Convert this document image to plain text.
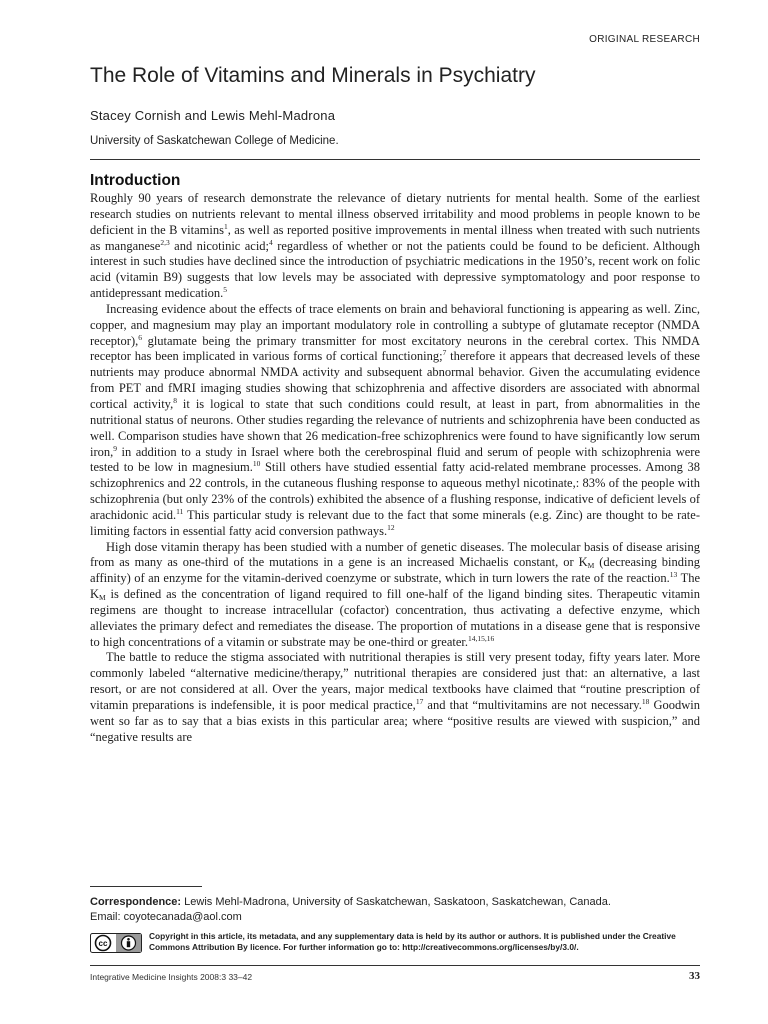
ORIGINAL RESEARCH
The Role of Vitamins and Minerals in Psychiatry
Stacey Cornish and Lewis Mehl-Madrona
University of Saskatchewan College of Medicine.
Introduction

Roughly 90 years of research demonstrate the relevance of dietary nutrients for mental health. Some of the earliest research studies on nutrients relevant to mental illness observed irritability and mood problems in people known to be deficient in the B vitamins$^1$, as well as reported positive improvements in mental illness when treated with such nutrients as manganese$^{2,3}$ and nicotinic acid;$^4$ regardless of whether or not the patients could be found to be deficient. Although interest in such studies have declined since the introduction of psychiatric medications in the 1950’s, recent work on folic acid (vitamin B9) suggests that low levels may be associated with depressive symptomatology and poor response to antidepressant medication.$^5$

Increasing evidence about the effects of trace elements on brain and behavioral functioning is appearing as well. Zinc, copper, and magnesium may play an important modulatory role in controlling a subtype of glutamate receptor (NMDA receptor),$^6$ glutamate being the primary transmitter for most excitatory neurons in the cerebral cortex. This NMDA receptor has been implicated in various forms of cortical functioning;$^7$ therefore it appears that decreased levels of these nutrients may produce abnormal NMDA activity and subsequent abnormal behavior. Given the accumulating evidence from PET and fMRI imaging studies showing that schizophrenia and affective disorders are associated with abnormal cortical activity,$^8$ it is logical to state that such conditions could result, at least in part, from abnormalities in the nutritional status of neurons. Other studies regarding the relevance of nutrients and schizophrenia have been conducted as well. Comparison studies have shown that 26 medication-free schizophrenics were found to have significantly low serum iron,$^9$ in addition to a study in Israel where both the cerebrospinal fluid and serum of people with schizophrenia were tested to be low in magnesium.$^{10}$ Still others have studied essential fatty acid-related membrane processes. Among 38 schizophrenics and 22 controls, in the cutaneous flushing response to aqueous methyl nicotinate,: 83% of the people with schizophrenia (but only 23% of the controls) exhibited the absence of a flushing response, indicative of deficient levels of arachidonic acid.$^{11}$ This particular study is relevant due to the fact that some minerals (e.g. Zinc) are thought to be rate-limiting factors in essential fatty acid conversion pathways.$^{12}$

High dose vitamin therapy has been studied with a number of genetic diseases. The molecular basis of disease arising from as many as one-third of the mutations in a gene is an increased Michaelis constant, or $K_M$ (decreasing binding affinity) of an enzyme for the vitamin-derived coenzyme or substrate, which in turn lowers the rate of the reaction.$^{13}$ The $K_M$ is defined as the concentration of ligand required to fill one-half of the ligand binding sites. Therapeutic vitamin regimens are thought to increase intracellular (cofactor) concentration, thus activating a defective enzyme, which alleviates the primary defect and remediates the disease. The proportion of mutations in a disease gene that is responsive to high concentrations of a vitamin or substrate may be one-third or greater.$^{14,15,16}$

The battle to reduce the stigma associated with nutritional therapies is still very present today, fifty years later. More commonly labeled “alternative medicine/therapy,” nutritional therapies are considered just that: an alternative, a last resort, or are not considered at all. Over the years, major medical textbooks have claimed that “routine prescription of vitamin preparations is indefensible, it is poor medical practice,$^{17}$ and that “multivitamins are not necessary.$^{18}$ Goodwin went so far as to say that a bias exists in this particular area; where “positive results are viewed with suspicion,” and “negative results are

Correspondence: Lewis Mehl-Madrona, University of Saskatchewan, Saskatoon, Saskatchewan, Canada.
Email: coyotecanada@aol.com
cc
Copyright in this article, its metadata, and any supplementary data is held by its author or authors. It is published under the Creative Commons Attribution By licence. For further information go to: http://creativecommons.org/licenses/by/3.0/.
Integrative Medicine Insights 2008:3 33–42	33
